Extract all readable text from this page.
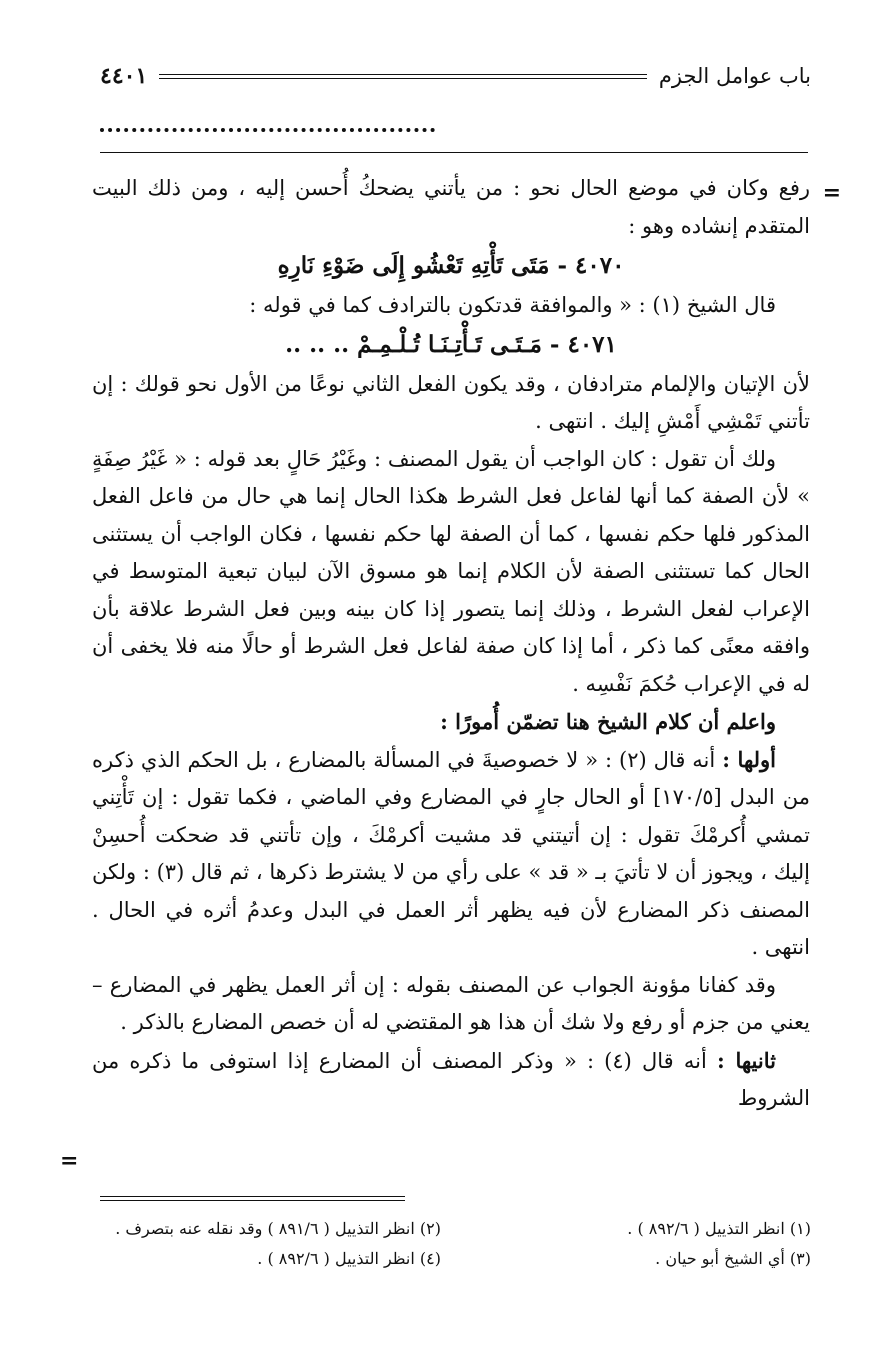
باب عوامل الجزم
٤٤٠١
=

رفع وكان في موضع الحال نحو : من يأتني يضحكُ أُحسن إليه ، ومن ذلك البيت المتقدم إنشاده وهو :

٤٠٧٠ - مَتَى تَأْتِهِ تَعْشُو إِلَى ضَوْءِ نَارِهِ

قال الشيخ (١) : « والموافقة قدتكون بالترادف كما في قوله :

٤٠٧١ - مَـتَـى تَـأْتِـنَـا تُـلْـمِـمْ .. .. ..

لأن الإتيان والإلمام مترادفان ، وقد يكون الفعل الثاني نوعًا من الأول نحو قولك : إن تأتني تَمْشِي أَمْشِ إليك . انتهى .

ولك أن تقول : كان الواجب أن يقول المصنف : وغَيْرُ حَالٍ بعد قوله : « غَيْرُ صِفَةٍ » لأن الصفة كما أنها لفاعل فعل الشرط هكذا الحال إنما هي حال من فاعل الفعل المذكور فلها حكم نفسها ، كما أن الصفة لها حكم نفسها ، فكان الواجب أن يستثنى الحال كما تستثنى الصفة لأن الكلام إنما هو مسوق الآن لبيان تبعية المتوسط في الإعراب لفعل الشرط ، وذلك إنما يتصور إذا كان بينه وبين فعل الشرط علاقة بأن وافقه معنًى كما ذكر ، أما إذا كان صفة لفاعل فعل الشرط أو حالًا منه فلا يخفى أن له في الإعراب حُكمَ نَفْسِه .

واعلم أن كلام الشيخ هنا تضمّن أُمورًا :

أولها : أنه قال (٢) : « لا خصوصيةَ في المسألة بالمضارع ، بل الحكم الذي ذكره من البدل [١٧٠/٥] أو الحال جارٍ في المضارع وفي الماضي ، فكما تقول : إن تَأْتِني تمشي أُكرمْكَ تقول : إن أتيتني قد مشيت أكرمْكَ ، وإن تأتني قد ضحكت أُحسِنْ إليك ، ويجوز أن لا تأتيَ بـ « قد » على رأي من لا يشترط ذكرها ، ثم قال (٣) : ولكن المصنف ذكر المضارع لأن فيه يظهر أثر العمل في البدل وعدمُ أثره في الحال . انتهى .

وقد كفانا مؤونة الجواب عن المصنف بقوله : إن أثر العمل يظهر في المضارع – يعني من جزم أو رفع ولا شك أن هذا هو المقتضي له أن خصص المضارع بالذكر .

ثانيها : أنه قال (٤) : « وذكر المصنف أن المضارع إذا استوفى ما ذكره من الشروط

=
(١) انظر التذييل ( ٨٩٢/٦ ) .
(٢) انظر التذييل ( ٨٩١/٦ ) وقد نقله عنه بتصرف .
(٣) أي الشيخ أبو حيان .
(٤) انظر التذييل ( ٨٩٢/٦ ) .
